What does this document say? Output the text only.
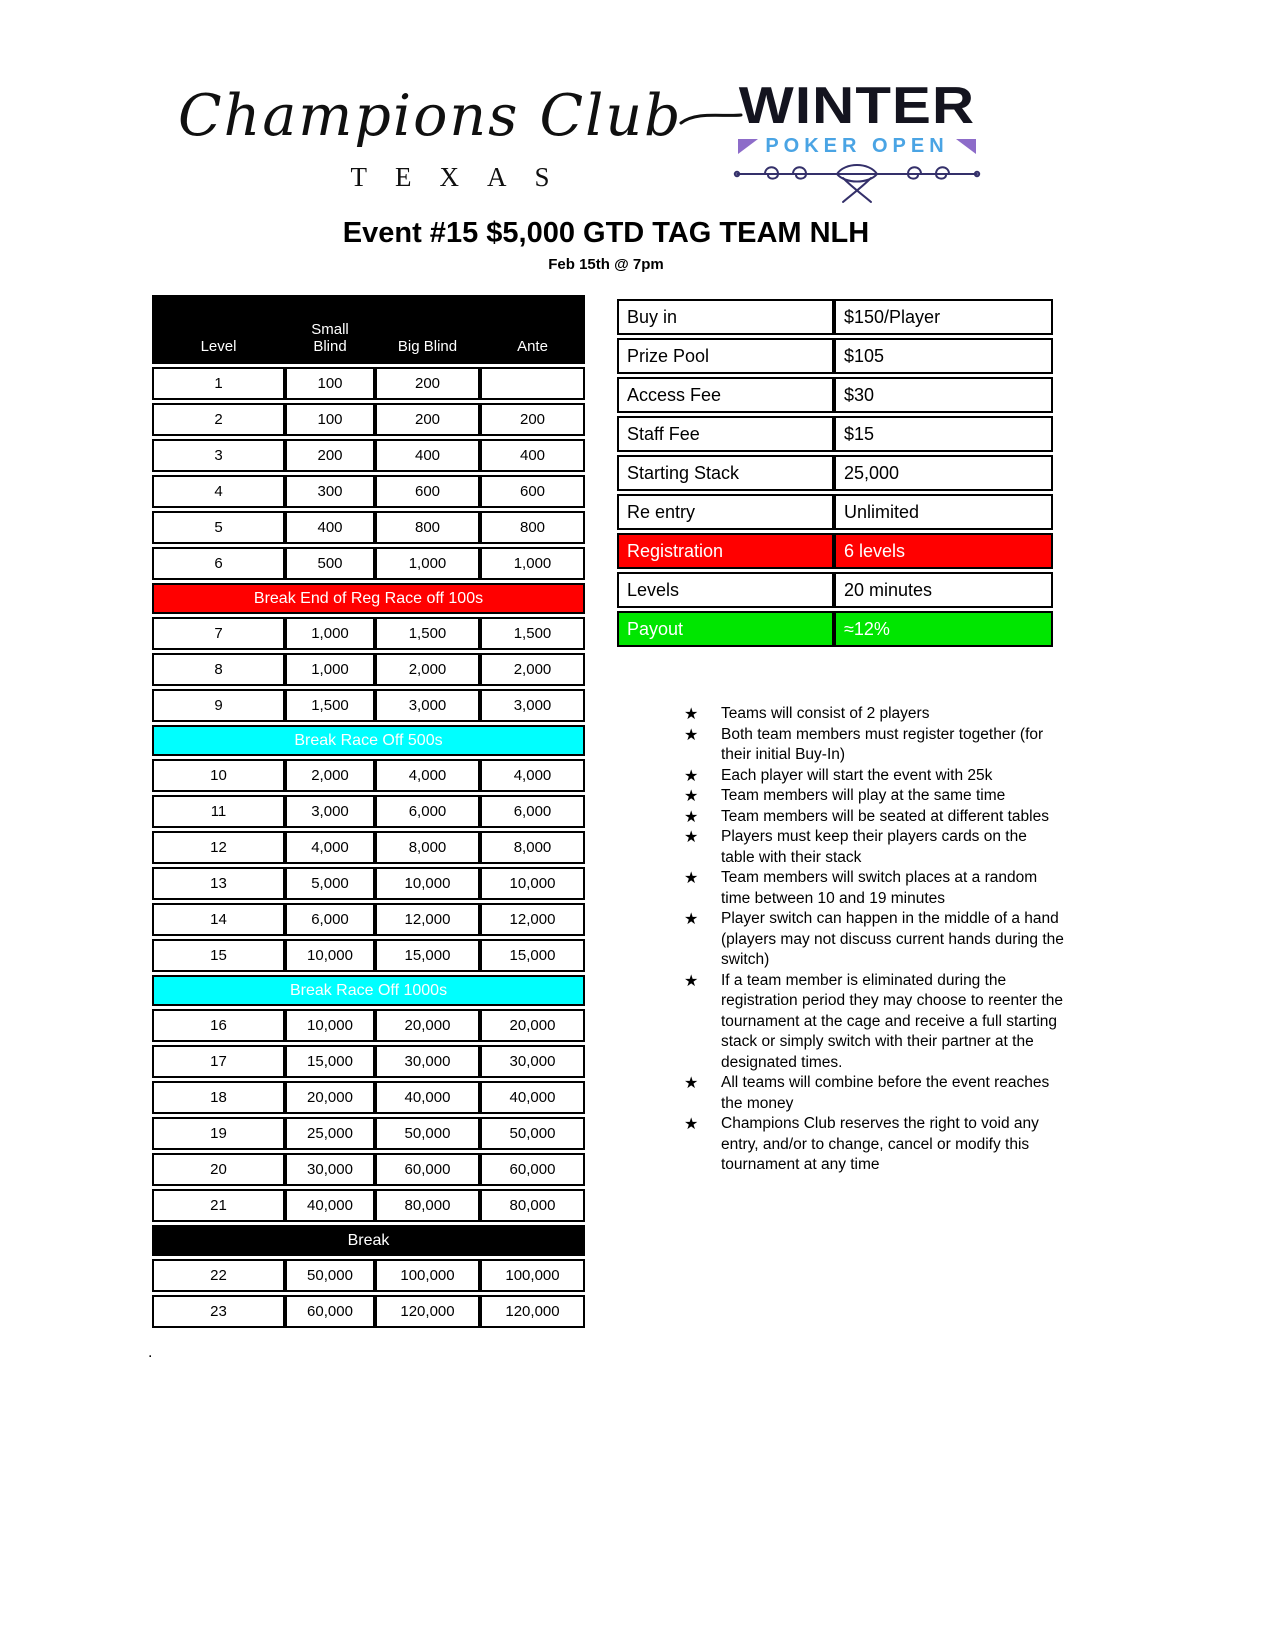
Champions Club
TEXAS
WINTER
POKER OPEN
Event #15 $5,000 GTD TAG TEAM NLH
Feb 15th @ 7pm
Level	Small Blind	Big Blind	Ante
1	100	200	
2	100	200	200
3	200	400	400
4	300	600	600
5	400	800	800
6	500	1,000	1,000
Break End of Reg Race off 100s			
7	1,000	1,500	1,500
8	1,000	2,000	2,000
9	1,500	3,000	3,000
Break Race Off 500s			
10	2,000	4,000	4,000
11	3,000	6,000	6,000
12	4,000	8,000	8,000
13	5,000	10,000	10,000
14	6,000	12,000	12,000
15	10,000	15,000	15,000
Break Race Off 1000s			
16	10,000	20,000	20,000
17	15,000	30,000	30,000
18	20,000	40,000	40,000
19	25,000	50,000	50,000
20	30,000	60,000	60,000
21	40,000	80,000	80,000
Break			
22	50,000	100,000	100,000
23	60,000	120,000	120,000
Buy in	$150/Player
Prize Pool	$105
Access Fee	$30
Staff Fee	$15
Starting Stack	25,000
Re entry	Unlimited
Registration	6 levels
Levels	20 minutes
Payout	≈12%
★	Teams will consist of 2 players
★	Both team members must register together (for their initial Buy-In)
★	Each player will start the event with 25k
★	Team members will play at the same time
★	Team members will be seated at different tables
★	Players must keep their players cards on the table with their stack
★	Team members will switch places at a random time between 10 and 19 minutes
★	Player switch can happen in the middle of a hand (players may not discuss current hands during the switch)
★	If a team member is eliminated during the registration period they may choose to reenter the tournament at the cage and receive a full starting stack or simply switch with their partner at the designated times.
★	All teams will combine before the event reaches the money
★	Champions Club reserves the right to void any entry, and/or to change, cancel or modify this tournament at any time
.
